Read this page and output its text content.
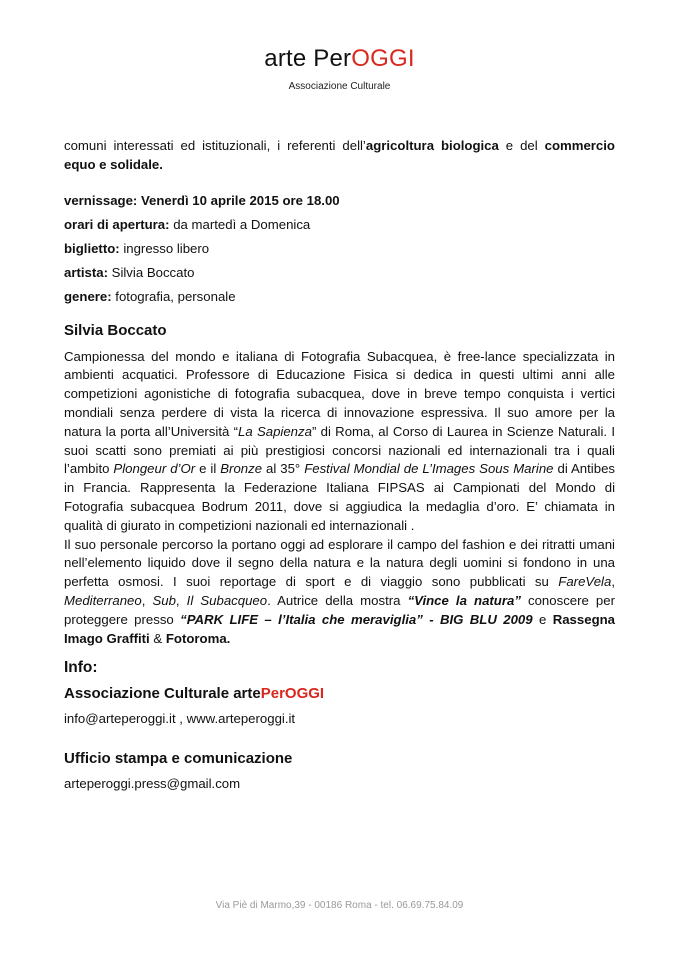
arte PerOGGI
Associazione Culturale

comuni interessati ed istituzionali, i referenti dell’agricoltura biologica e del commercio equo e solidale.

vernissage: Venerdì 10 aprile 2015 ore 18.00

orari di apertura: da martedì a Domenica

biglietto: ingresso libero

artista: Silvia Boccato

genere: fotografia, personale

Silvia Boccato

Campionessa del mondo e italiana di Fotografia Subacquea, è free-lance specializzata in ambienti acquatici. Professore di Educazione Fisica si dedica in questi ultimi anni alle competizioni agonistiche di fotografia subacquea, dove in breve tempo conquista i vertici mondiali senza perdere di vista la ricerca di innovazione espressiva. Il suo amore per la natura la porta all’Università “La Sapienza” di Roma, al Corso di Laurea in Scienze Naturali. I suoi scatti sono premiati ai più prestigiosi concorsi nazionali ed internazionali tra i quali l’ambito Plongeur d’Or e il Bronze al 35° Festival Mondial de L’Images Sous Marine di Antibes in Francia. Rappresenta la Federazione Italiana FIPSAS ai Campionati del Mondo di Fotografia subacquea Bodrum 2011, dove si aggiudica la medaglia d’oro. E’ chiamata in qualità di giurato in competizioni nazionali ed internazionali .

Il suo personale percorso la portano oggi ad esplorare il campo del fashion e dei ritratti umani nell’elemento liquido dove il segno della natura e la natura degli uomini si fondono in una perfetta osmosi. I suoi reportage di sport e di viaggio sono pubblicati su FareVela, Mediterraneo, Sub, Il Subacqueo. Autrice della mostra “Vince la natura” conoscere per proteggere presso “PARK LIFE – l’Italia che meraviglia” - BIG BLU 2009 e Rassegna Imago Graffiti & Fotoroma.

Info:
Associazione Culturale artePerOGGI

info@arteperoggi.it , www.arteperoggi.it

Ufficio stampa e comunicazione

arteperoggi.press@gmail.com

Via Piè di Marmo,39 - 00186 Roma - tel. 06.69.75.84.09
